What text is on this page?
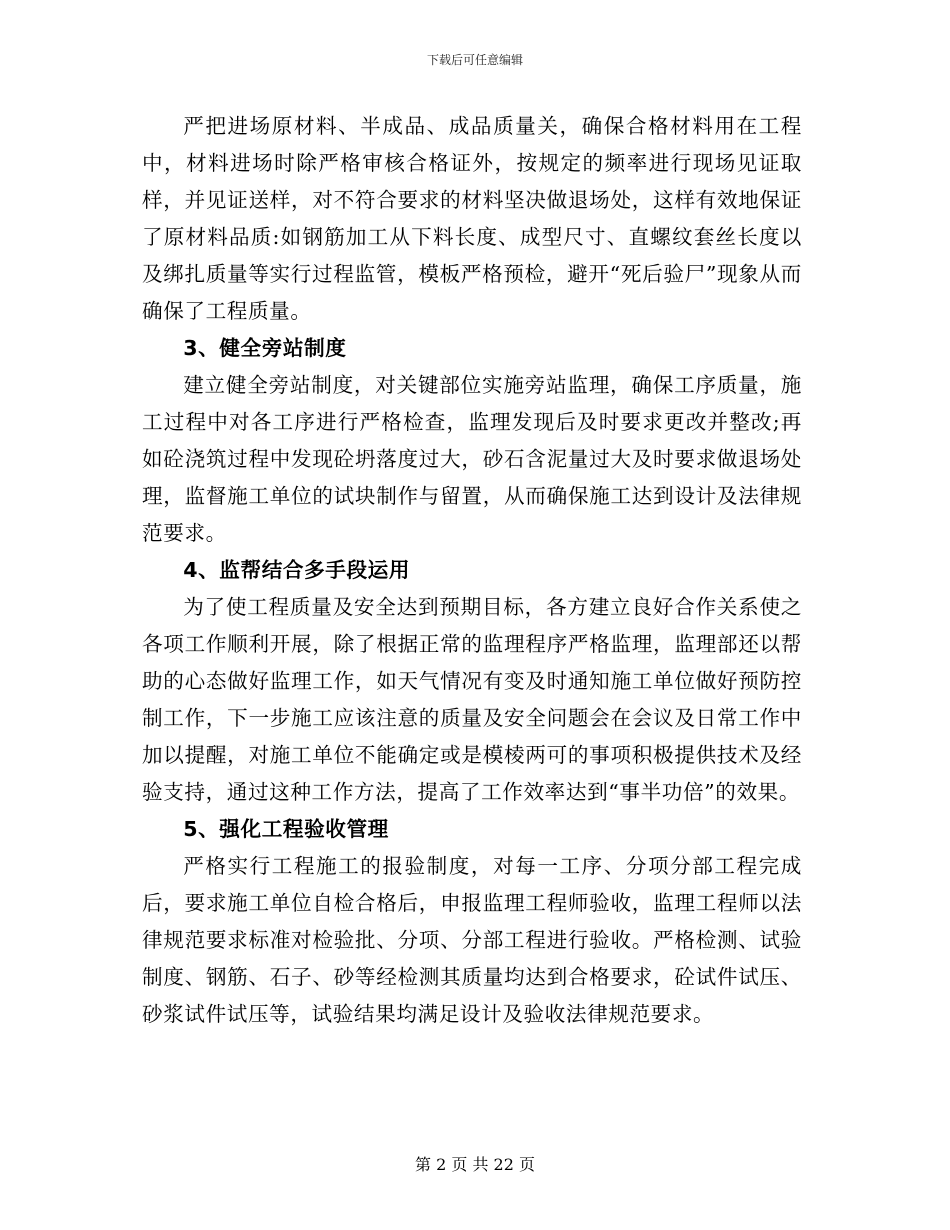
下载后可任意编辑

严把进场原材料、半成品、成品质量关，确保合格材料用在工程中，材料进场时除严格审核合格证外，按规定的频率进行现场见证取样，并见证送样，对不符合要求的材料坚决做退场处，这样有效地保证了原材料品质:如钢筋加工从下料长度、成型尺寸、直螺纹套丝长度以及绑扎质量等实行过程监管，模板严格预检，避开“死后验尸”现象从而确保了工程质量。

3、健全旁站制度

建立健全旁站制度，对关键部位实施旁站监理，确保工序质量，施工过程中对各工序进行严格检查，监理发现后及时要求更改并整改;再如砼浇筑过程中发现砼坍落度过大，砂石含泥量过大及时要求做退场处理，监督施工单位的试块制作与留置，从而确保施工达到设计及法律规范要求。

4、监帮结合多手段运用

为了使工程质量及安全达到预期目标，各方建立良好合作关系使之各项工作顺利开展，除了根据正常的监理程序严格监理，监理部还以帮助的心态做好监理工作，如天气情况有变及时通知施工单位做好预防控制工作，下一步施工应该注意的质量及安全问题会在会议及日常工作中加以提醒，对施工单位不能确定或是模棱两可的事项积极提供技术及经验支持，通过这种工作方法，提高了工作效率达到“事半功倍”的效果。

5、强化工程验收管理

严格实行工程施工的报验制度，对每一工序、分项分部工程完成后，要求施工单位自检合格后，申报监理工程师验收，监理工程师以法律规范要求标准对检验批、分项、分部工程进行验收。严格检测、试验制度、钢筋、石子、砂等经检测其质量均达到合格要求，砼试件试压、砂浆试件试压等，试验结果均满足设计及验收法律规范要求。

第 2 页 共 22 页
